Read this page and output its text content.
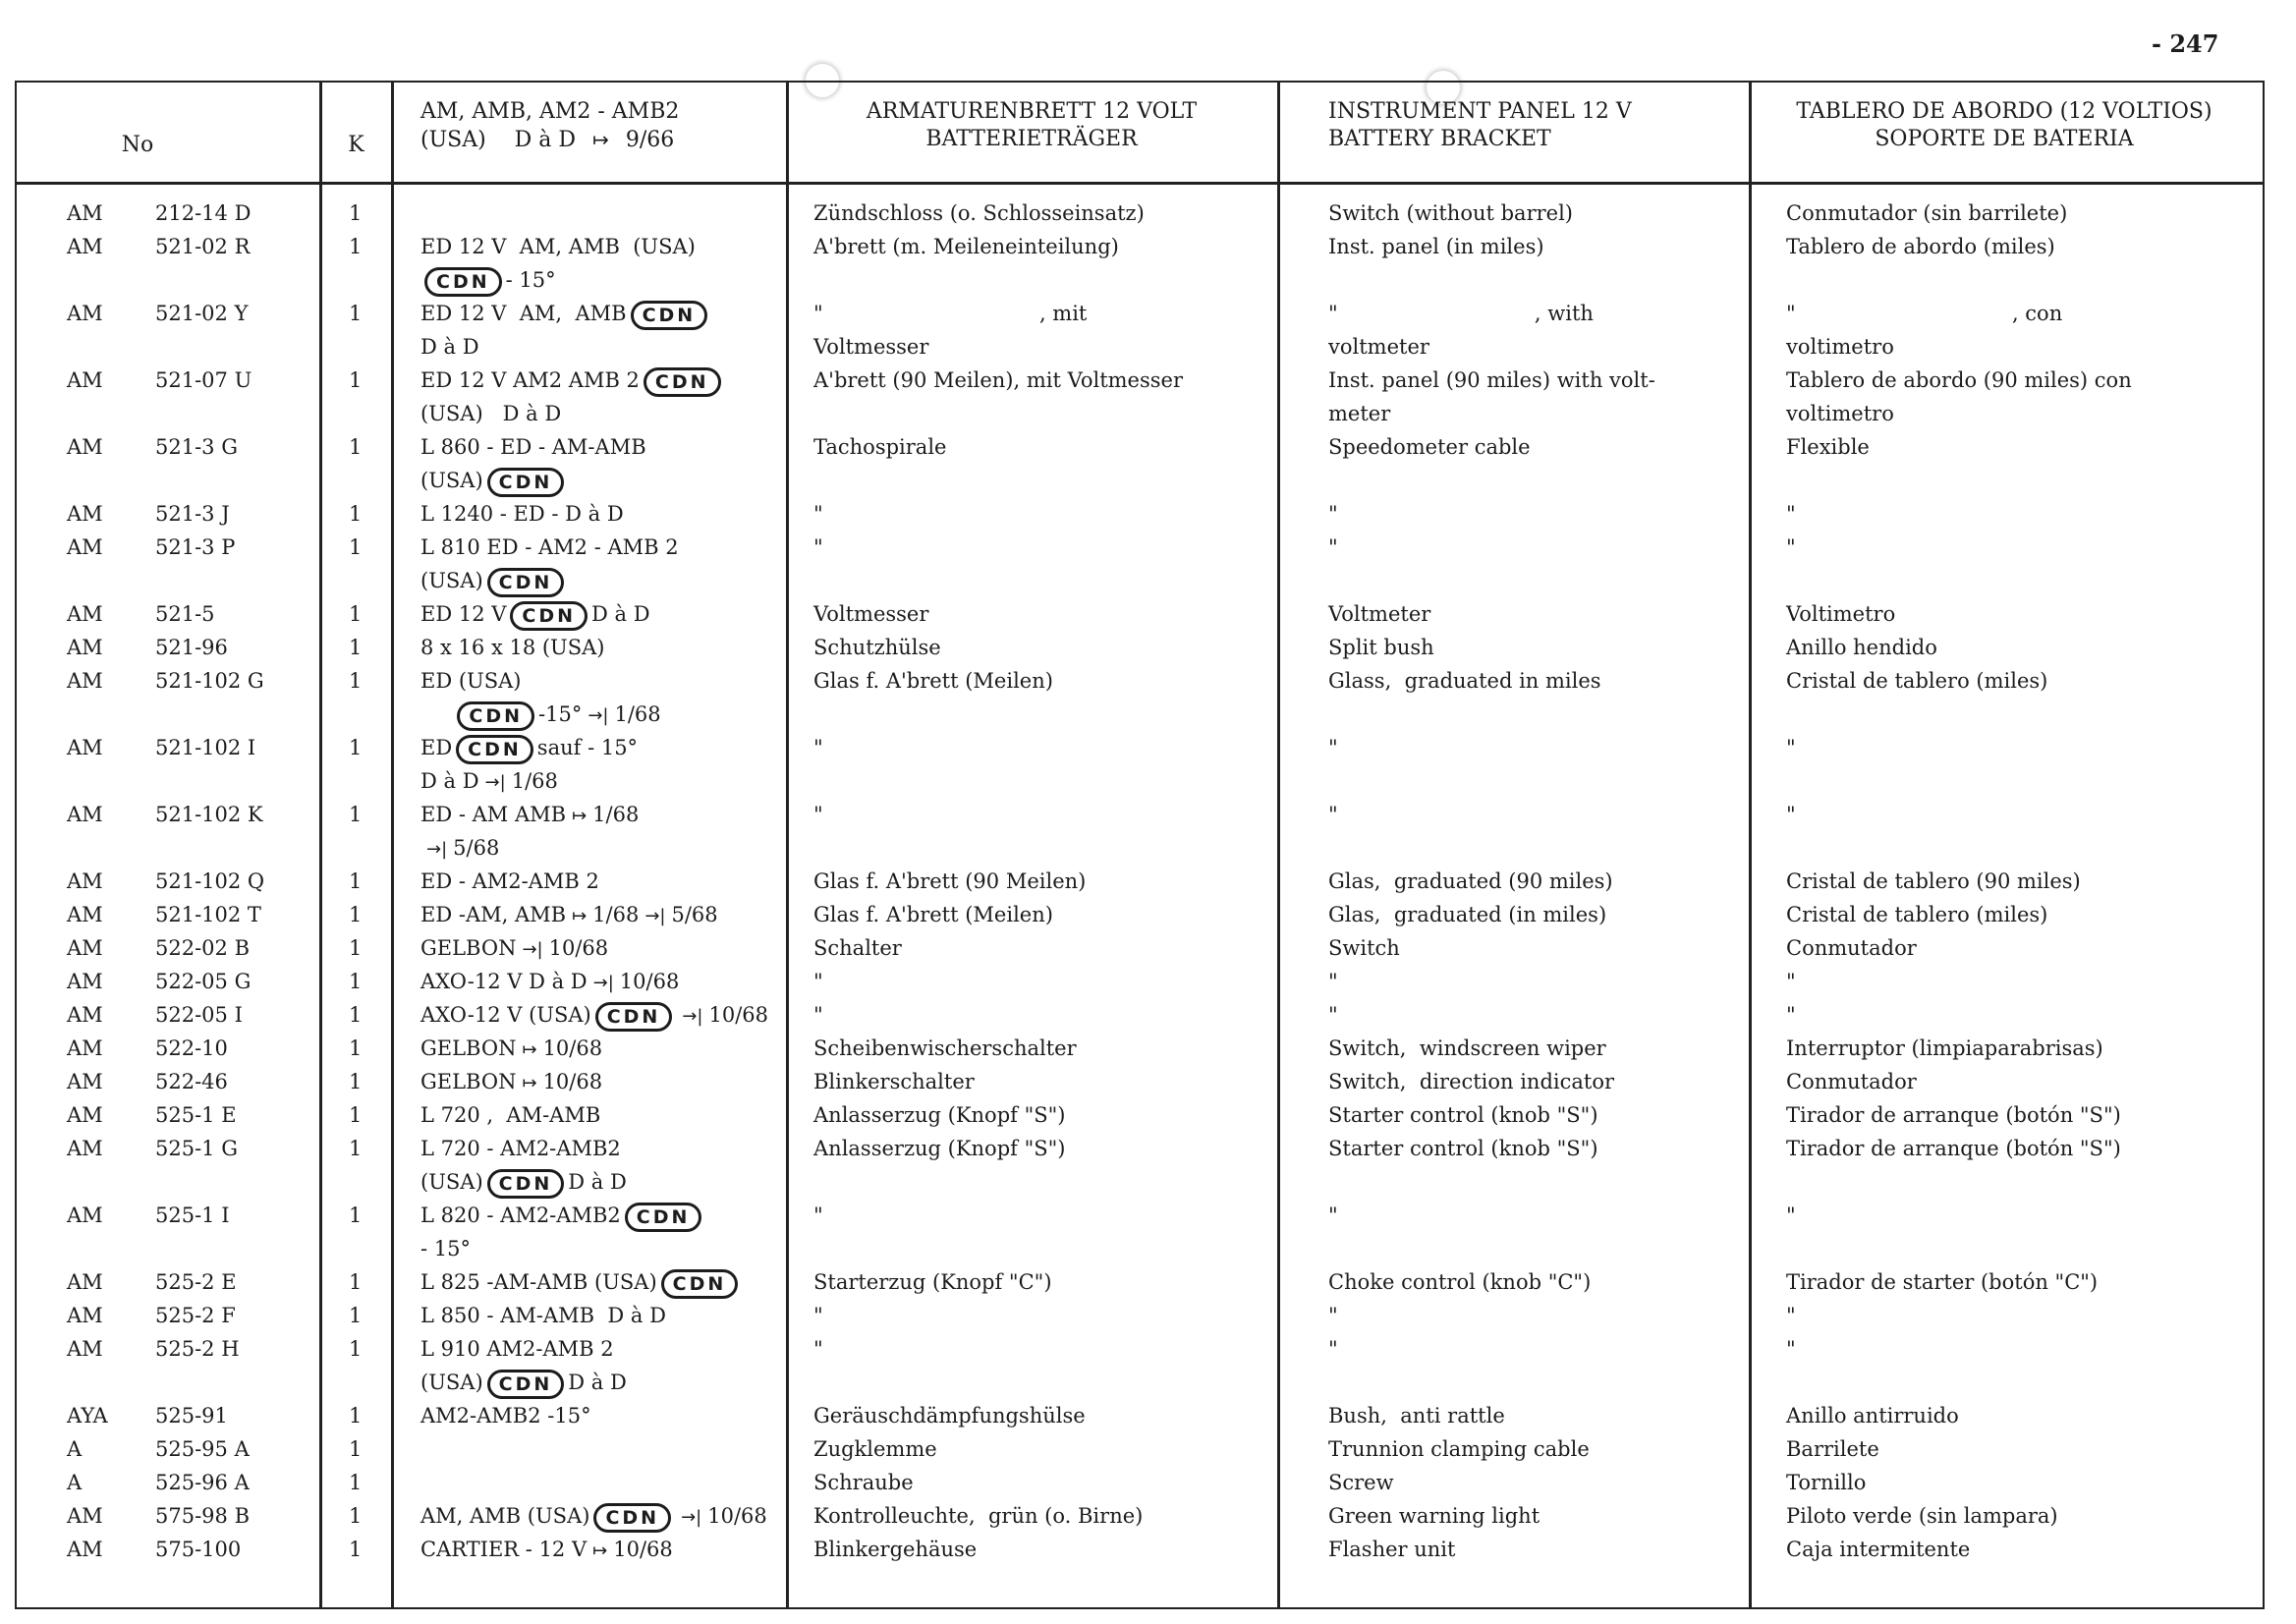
- 247
No	K
AM, AMB, AM2 - AMB2
(USA) D à D ↦ 9/66
ARMATURENBRETT 12 VOLT
BATTERIETRÄGER
INSTRUMENT PANEL 12 V
BATTERY BRACKET
TABLERO DE ABORDO (12 VOLTIOS)
SOPORTE DE BATERIA
AM	212-14 D	1	Zündschloss (o. Schlosseinsatz)	Switch (without barrel)	Conmutador (sin barrilete)
AM	521-02 R	1	ED 12 V  AM, AMB  (USA)	A'brett (m. Meileneinteilung)	Inst. panel (in miles)	Tablero de abordo (miles)
CDN - 15°
AM	521-02 Y	1	ED 12 V  AM,  AMB CDN	"                                 , mit	"                              , with	"                                 , con
D à D	Voltmesser	voltmeter	voltimetro
AM	521-07 U	1	ED 12 V AM2 AMB 2 CDN	A'brett (90 Meilen), mit Voltmesser	Inst. panel (90 miles) with volt-	Tablero de abordo (90 miles) con
(USA)   D à D	meter	voltimetro
AM	521-3 G	1	L 860 - ED - AM-AMB	Tachospirale	Speedometer cable	Flexible
(USA) CDN
AM	521-3 J	1	L 1240 - ED - D à D	"	"	"
AM	521-3 P	1	L 810 ED - AM2 - AMB 2	"	"	"
(USA) CDN
AM	521-5	1	ED 12 V CDN D à D	Voltmesser	Voltmeter	Voltimetro
AM	521-96	1	8 x 16 x 18 (USA)	Schutzhülse	Split bush	Anillo hendido
AM	521-102 G	1	ED (USA)	Glas f. A'brett (Meilen)	Glass,  graduated in miles	Cristal de tablero (miles)
CDN -15° →| 1/68
AM	521-102 I	1	ED CDN sauf - 15°	"	"	"
D à D →| 1/68
AM	521-102 K	1	ED - AM AMB ↦ 1/68	"	"	"
→| 5/68
AM	521-102 Q	1	ED - AM2-AMB 2	Glas f. A'brett (90 Meilen)	Glas,  graduated (90 miles)	Cristal de tablero (90 miles)
AM	521-102 T	1	ED -AM, AMB ↦ 1/68 →| 5/68	Glas f. A'brett (Meilen)	Glas,  graduated (in miles)	Cristal de tablero (miles)
AM	522-02 B	1	GELBON →| 10/68	Schalter	Switch	Conmutador
AM	522-05 G	1	AXO-12 V D à D →| 10/68	"	"	"
AM	522-05 I	1	AXO-12 V (USA) CDN →| 10/68 "	"	"
AM	522-10	1	GELBON ↦ 10/68	Scheibenwischerschalter	Switch,  windscreen wiper	Interruptor (limpiaparabrisas)
AM	522-46	1	GELBON ↦ 10/68	Blinkerschalter	Switch,  direction indicator	Conmutador
AM	525-1 E	1	L 720 ,  AM-AMB	Anlasserzug (Knopf "S")	Starter control (knob "S")	Tirador de arranque (botón "S")
AM	525-1 G	1	L 720 - AM2-AMB2	Anlasserzug (Knopf "S")	Starter control (knob "S")	Tirador de arranque (botón "S")
(USA) CDN D à D
AM	525-1 I	1	L 820 - AM2-AMB2 CDN	"	"	"
- 15°
AM	525-2 E	1	L 825 -AM-AMB (USA) CDN	Starterzug (Knopf "C")	Choke control (knob "C")	Tirador de starter (botón "C")
AM	525-2 F	1	L 850 - AM-AMB  D à D	"	"	"
AM	525-2 H	1	L 910 AM2-AMB 2	"	"	"
(USA) CDN D à D
AYA 525-91	1	AM2-AMB2 -15°	Geräuschdämpfungshülse	Bush,  anti rattle	Anillo antirruido
A	525-95 A	1	Zugklemme	Trunnion clamping cable	Barrilete
A	525-96 A	1	Schraube	Screw	Tornillo
AM	575-98 B	1	AM, AMB (USA) CDN →| 10/68 Kontrolleuchte,  grün (o. Birne)	Green warning light	Piloto verde (sin lampara)
AM	575-100	1	CARTIER - 12 V ↦ 10/68	Blinkergehäuse	Flasher unit	Caja intermitente
